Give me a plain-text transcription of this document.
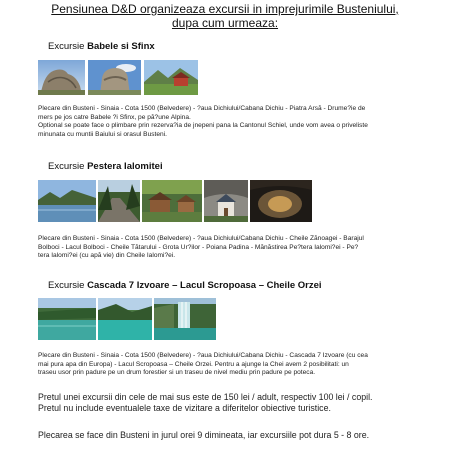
Pensiunea D&D organizeaza excursii in imprejurimile Busteniului,
dupa cum urmeaza:
Excursie Babele si Sfinx
Plecare din Busteni - Sinaia - Cota 1500 (Belvedere) - ?aua Dichiului/Cabana Dichiu - Piatra Arsă - Drume?ie de mers pe jos catre Babele ?i Sfinx, pe pă?une Alpina.
Optional se poate face o plimbare prin rezerva?ia de jnepeni pana la Cantonul Schiel, unde vom avea o priveliste minunata cu muntii Baiului si orasul Busteni.
Excursie Pestera Ialomitei
Plecare din Busteni - Sinaia - Cota 1500 (Belvedere) - ?aua Dichiului/Cabana Dichiu - Cheile Zănoagei - Barajul Bolboci - Lacul Bolboci - Cheile Tătarului - Grota Ur?ilor - Poiana Padina - Mănăstirea Pe?tera Ialomi?ei - Pe?tera Ialomi?ei (cu apă vie) din Cheile Ialomi?ei.
Excursie Cascada 7 Izvoare – Lacul Scropoasa – Cheile Orzei
Plecare din Busteni - Sinaia - Cota 1500 (Belvedere) - ?aua Dichiului/Cabana Dichiu - Cascada 7 Izvoare (cu cea mai pura apa din Europa) - Lacul Scropoasa – Cheile Orzei. Pentru a ajunge la Chei avem 2 posibilitati: un traseu usor prin padure pe un drum forestier si un traseu de nivel mediu prin padure pe poteca.
Pretul unei excursii din cele de mai sus este de 150 lei / adult, respectiv 100 lei / copil.
Pretul nu include eventualele taxe de vizitare a diferitelor obiective turistice.
Plecarea se face din Busteni in jurul orei 9 dimineata, iar excursiile pot dura 5 - 8 ore.
